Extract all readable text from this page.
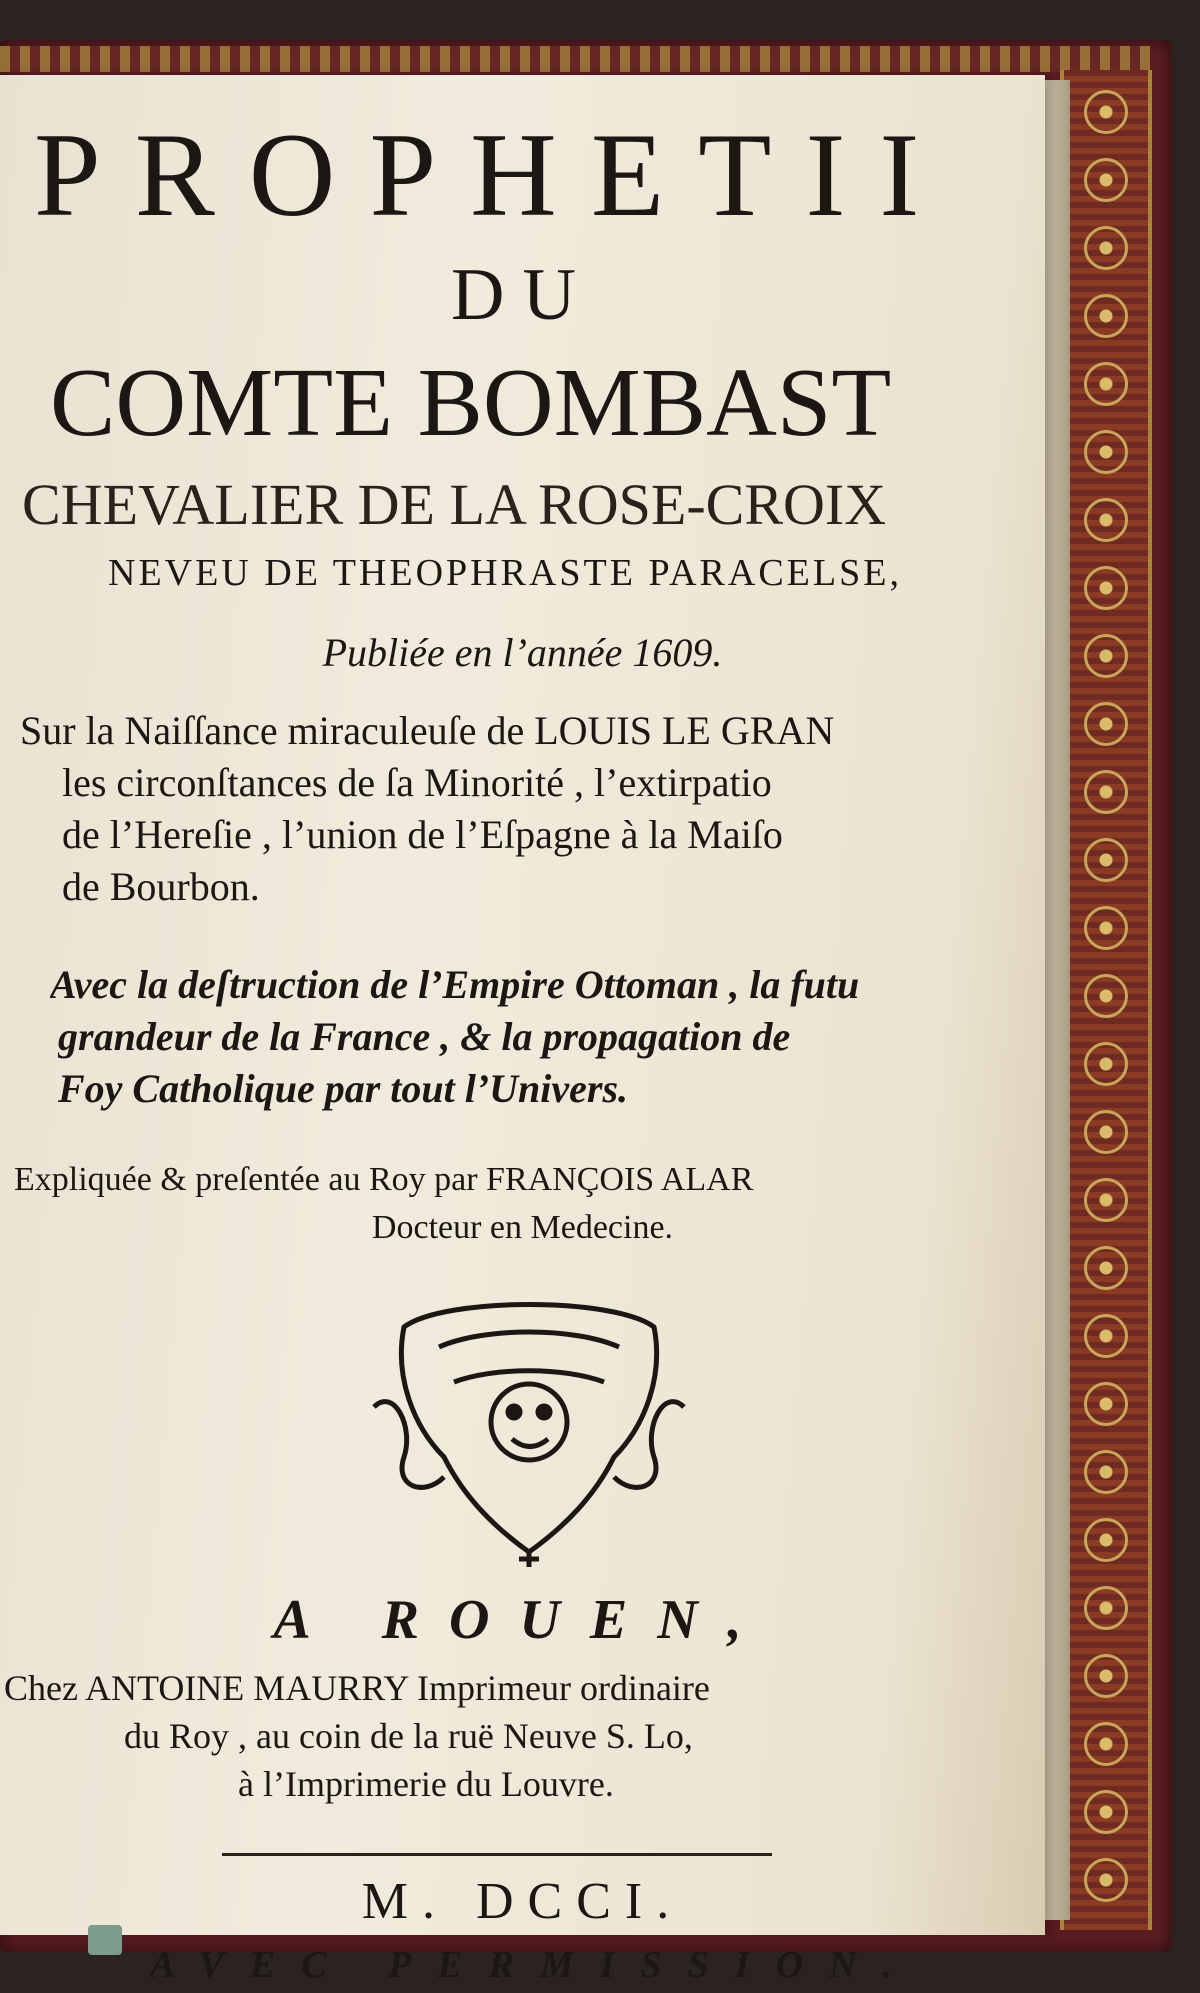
PROPHETII
DU
COMTE BOMBAST
CHEVALIER DE LA ROSE-CROIX
NEVEU DE THEOPHRASTE PARACELSE,
Publiée en l’année 1609.
Sur la Naiſſance miraculeuſe de LOUIS LE GRAN
les circonſtances de ſa Minorité , l’extirpatio
de l’Hereſie , l’union de l’Eſpagne à la Maiſo
de Bourbon.
Avec la deſtruction de l’Empire Ottoman , la futu
grandeur de la France , & la propagation de
Foy Catholique par tout l’Univers.
Expliquée & preſentée au Roy par FRANÇOIS ALAR
Docteur en Medecine.
A ROUEN,
Chez ANTOINE MAURRY Imprimeur ordinaire
du Roy , au coin de la ruë Neuve S. Lo,
à l’Imprimerie du Louvre.
M. DCCI.
AVEC PERMISSION.
